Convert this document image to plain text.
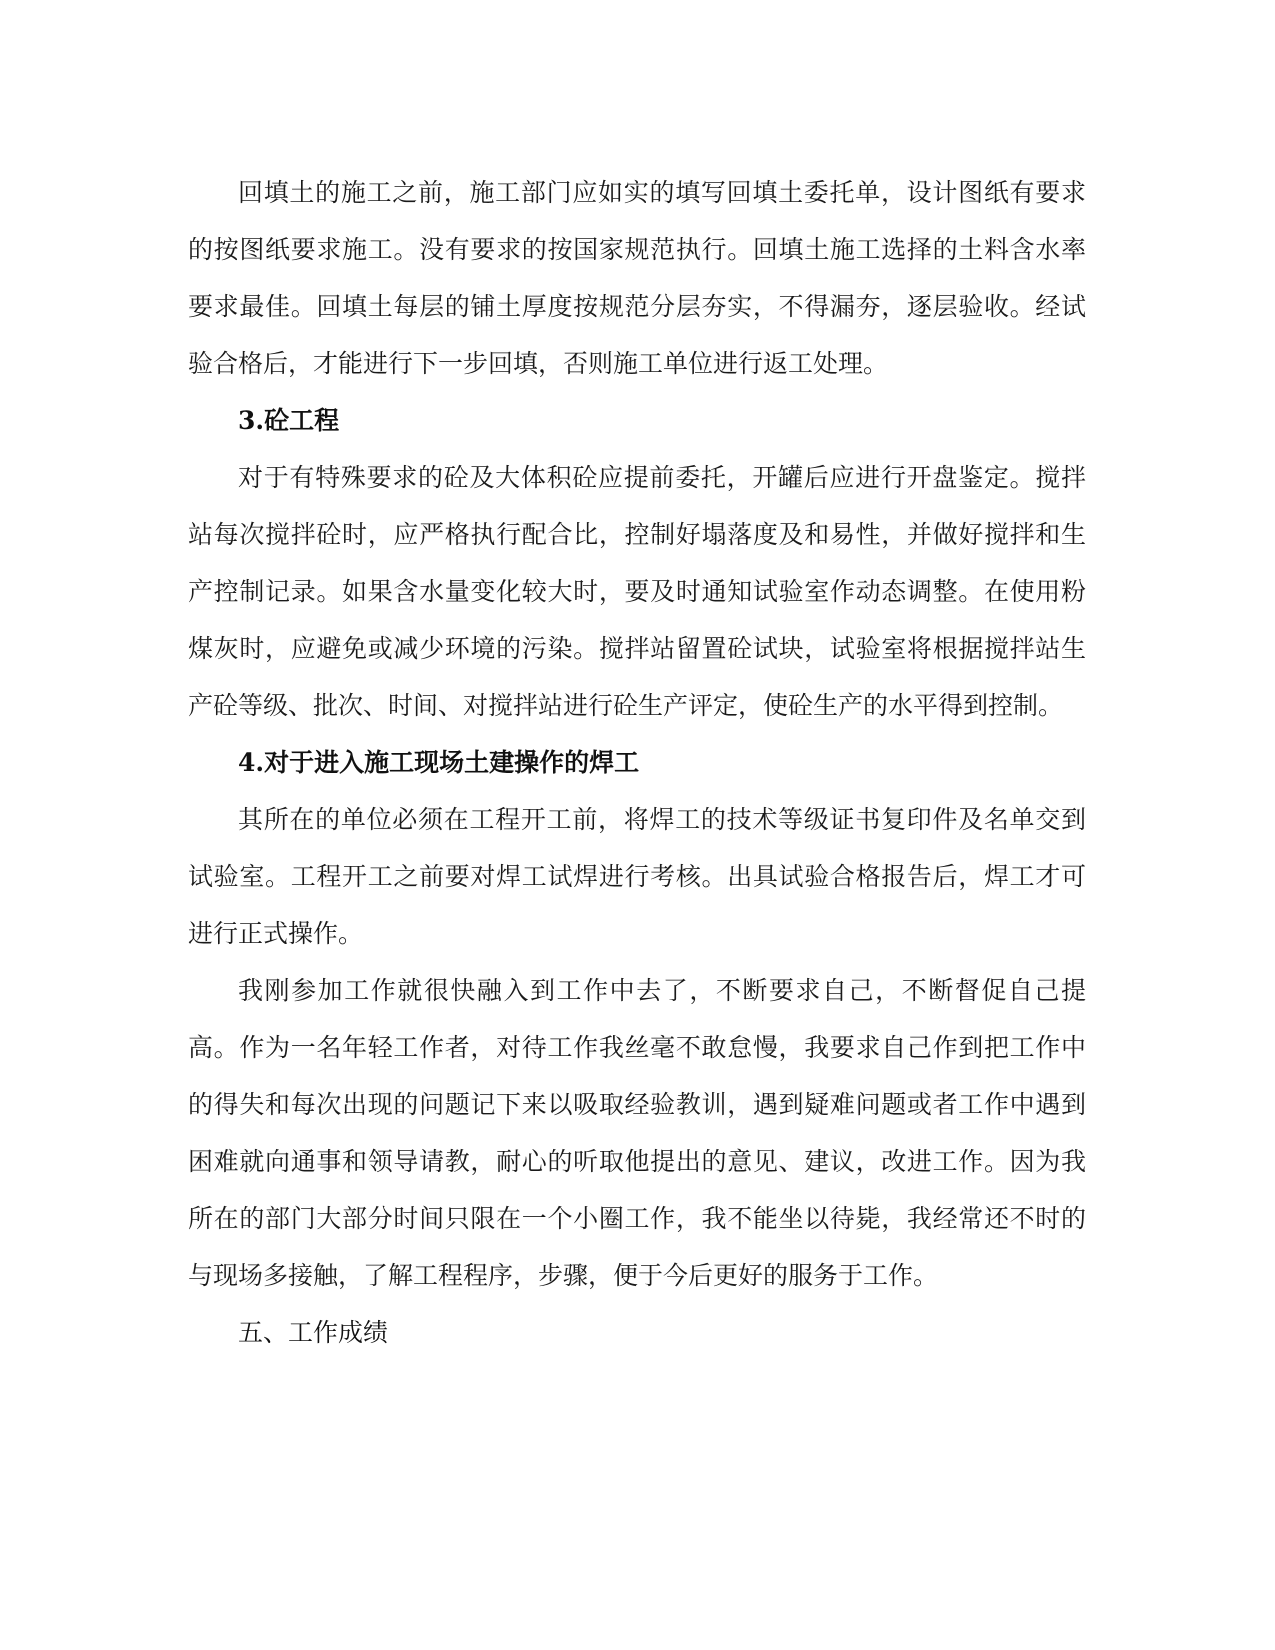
回填土的施工之前，施工部门应如实的填写回填土委托单，设计图纸有要求的按图纸要求施工。没有要求的按国家规范执行。回填土施工选择的土料含水率要求最佳。回填土每层的铺土厚度按规范分层夯实，不得漏夯，逐层验收。经试验合格后，才能进行下一步回填，否则施工单位进行返工处理。

3.砼工程

对于有特殊要求的砼及大体积砼应提前委托，开罐后应进行开盘鉴定。搅拌站每次搅拌砼时，应严格执行配合比，控制好塌落度及和易性，并做好搅拌和生产控制记录。如果含水量变化较大时，要及时通知试验室作动态调整。在使用粉煤灰时，应避免或减少环境的污染。搅拌站留置砼试块，试验室将根据搅拌站生产砼等级、批次、时间、对搅拌站进行砼生产评定，使砼生产的水平得到控制。

4.对于进入施工现场土建操作的焊工

其所在的单位必须在工程开工前，将焊工的技术等级证书复印件及名单交到试验室。工程开工之前要对焊工试焊进行考核。出具试验合格报告后，焊工才可进行正式操作。

我刚参加工作就很快融入到工作中去了，不断要求自己，不断督促自己提高。作为一名年轻工作者，对待工作我丝毫不敢怠慢，我要求自己作到把工作中的得失和每次出现的问题记下来以吸取经验教训，遇到疑难问题或者工作中遇到困难就向通事和领导请教，耐心的听取他提出的意见、建议，改进工作。因为我所在的部门大部分时间只限在一个小圈工作，我不能坐以待毙，我经常还不时的与现场多接触，了解工程程序，步骤，便于今后更好的服务于工作。

五、工作成绩
